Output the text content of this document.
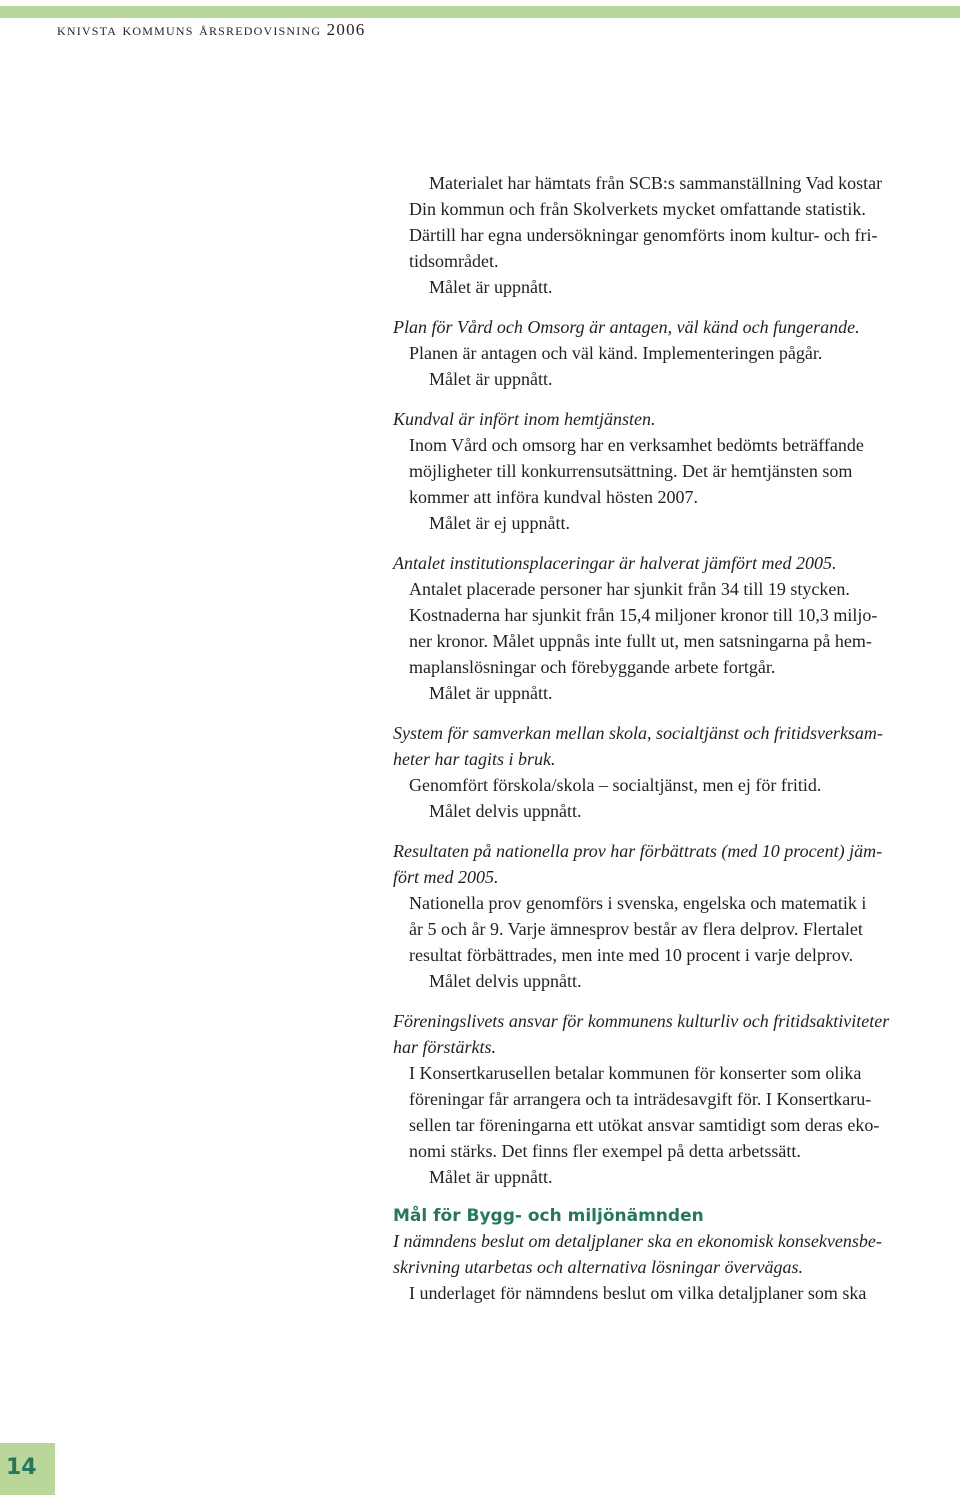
knivsta kommuns årsredovisning 2006

Materialet har hämtats från SCB:s sammanställning Vad kostar

Din kommun och från Skolverkets mycket omfattande statistik.

Därtill har egna undersökningar genomförts inom kultur- och fri-

tidsområdet.

Målet är uppnått.

Plan för Vård och Omsorg är antagen, väl känd och fungerande.

Planen är antagen och väl känd. Implementeringen pågår.

Målet är uppnått.

Kundval är infört inom hemtjänsten.

Inom Vård och omsorg har en verksamhet bedömts beträffande

möjligheter till konkurrensutsättning. Det är hemtjänsten som

kommer att införa kundval hösten 2007.

Målet är ej uppnått.

Antalet institutionsplaceringar är halverat jämfört med 2005.

Antalet placerade personer har sjunkit från 34 till 19 stycken.

Kostnaderna har sjunkit från 15,4 miljoner kronor till 10,3 miljo-

ner kronor. Målet uppnås inte fullt ut, men satsningarna på hem-

maplanslösningar och förebyggande arbete fortgår.

Målet är uppnått.

System för samverkan mellan skola, socialtjänst och fritidsverksam-

heter har tagits i bruk.

Genomfört förskola/skola – socialtjänst, men ej för fritid.

Målet delvis uppnått.

Resultaten på nationella prov har förbättrats (med 10 procent) jäm-

fört med 2005.

Nationella prov genomförs i svenska, engelska och matematik i

år 5 och år 9. Varje ämnesprov består av flera delprov. Flertalet

resultat förbättrades, men inte med 10 procent i varje delprov.

Målet delvis uppnått.

Föreningslivets ansvar för kommunens kulturliv och fritidsaktiviteter

har förstärkts.

I Konsertkarusellen betalar kommunen för konserter som olika

föreningar får arrangera och ta inträdesavgift för. I Konsertkaru-

sellen tar föreningarna ett utökat ansvar samtidigt som deras eko-

nomi stärks. Det finns fler exempel på detta arbetssätt.

Målet är uppnått.

Mål för Bygg- och miljönämnden

I nämndens beslut om detaljplaner ska en ekonomisk konsekvensbe-

skrivning utarbetas och alternativa lösningar övervägas.

I underlaget för nämndens beslut om vilka detaljplaner som ska

14
